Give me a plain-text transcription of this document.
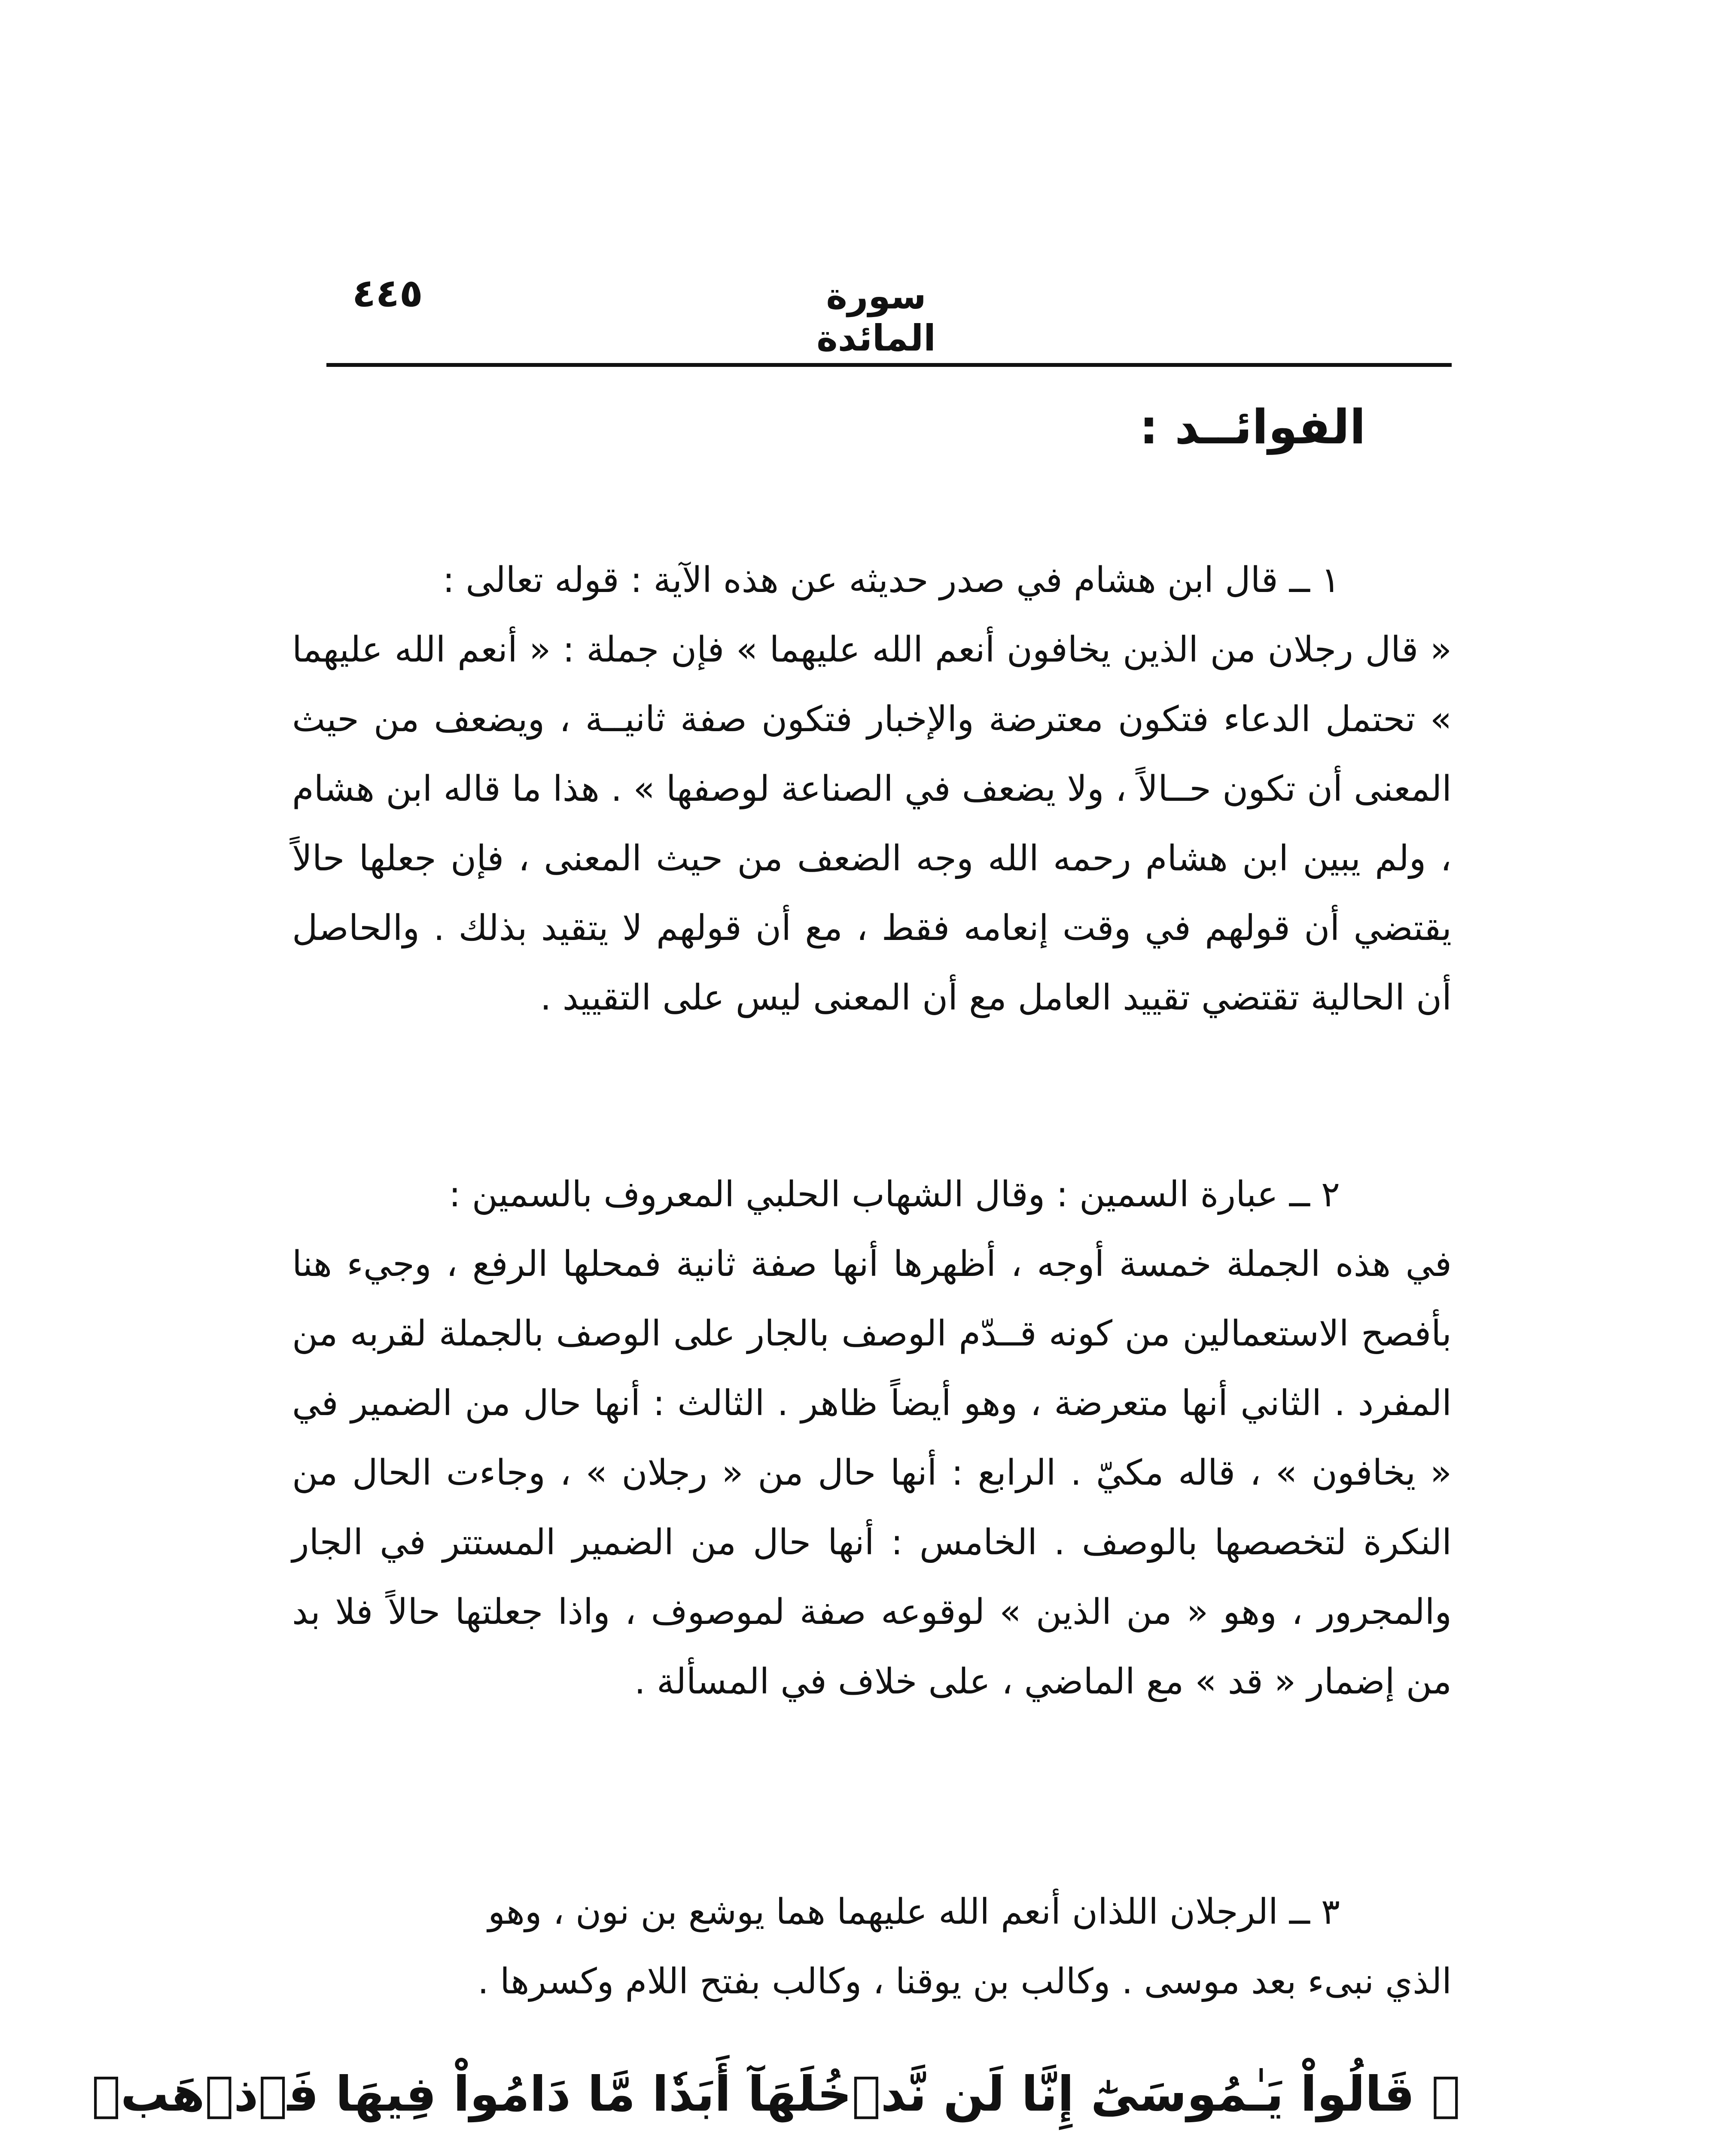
سورة المائدة
٤٤٥
الفوائــد :
١ ــ قال ابن هشام في صدر حديثه عن هذه الآية : قوله تعالى :
« قال رجلان من الذين يخافون أنعم الله عليهما » فإن جملة : « أنعم الله عليهما » تحتمل الدعاء فتكون معترضة والإخبار فتكون صفة ثانيــة ، ويضعف من حيث المعنى أن تكون حــالاً ، ولا يضعف في الصناعة لوصفها » . هذا ما قاله ابن هشام ، ولم يبين ابن هشام رحمه الله وجه الضعف من حيث المعنى ، فإن جعلها حالاً يقتضي أن قولهم في وقت إنعامه فقط ، مع أن قولهم لا يتقيد بذلك . والحاصل أن الحالية تقتضي تقييد العامل مع أن المعنى ليس على التقييد .
٢ ــ عبارة السمين : وقال الشهاب الحلبي المعروف بالسمين :
في هذه الجملة خمسة أوجه ، أظهرها أنها صفة ثانية فمحلها الرفع ، وجيء هنا بأفصح الاستعمالين من كونه قــدّم الوصف بالجار على الوصف بالجملة لقربه من المفرد . الثاني أنها متعرضة ، وهو أيضاً ظاهر . الثالث : أنها حال من الضمير في « يخافون » ، قاله مكيّ . الرابع : أنها حال من « رجلان » ، وجاءت الحال من النكرة لتخصصها بالوصف . الخامس : أنها حال من الضمير المستتر في الجار والمجرور ، وهو « من الذين » لوقوعه صفة لموصوف ، واذا جعلتها حالاً فلا بد من إضمار « قد » مع الماضي ، على خلاف في المسألة .
٣ ــ الرجلان اللذان أنعم الله عليهما هما يوشع بن نون ، وهو
الذي نبىء بعد موسى . وكالب بن يوقنا ، وكالب بفتح اللام وكسرها .
﴿ قَالُواْ يَـٰمُوسَىٰٓ إِنَّا لَن نَّدۡخُلَهَآ أَبَدٗا مَّا دَامُواْ فِيهَا فَٱذۡهَبۡ
